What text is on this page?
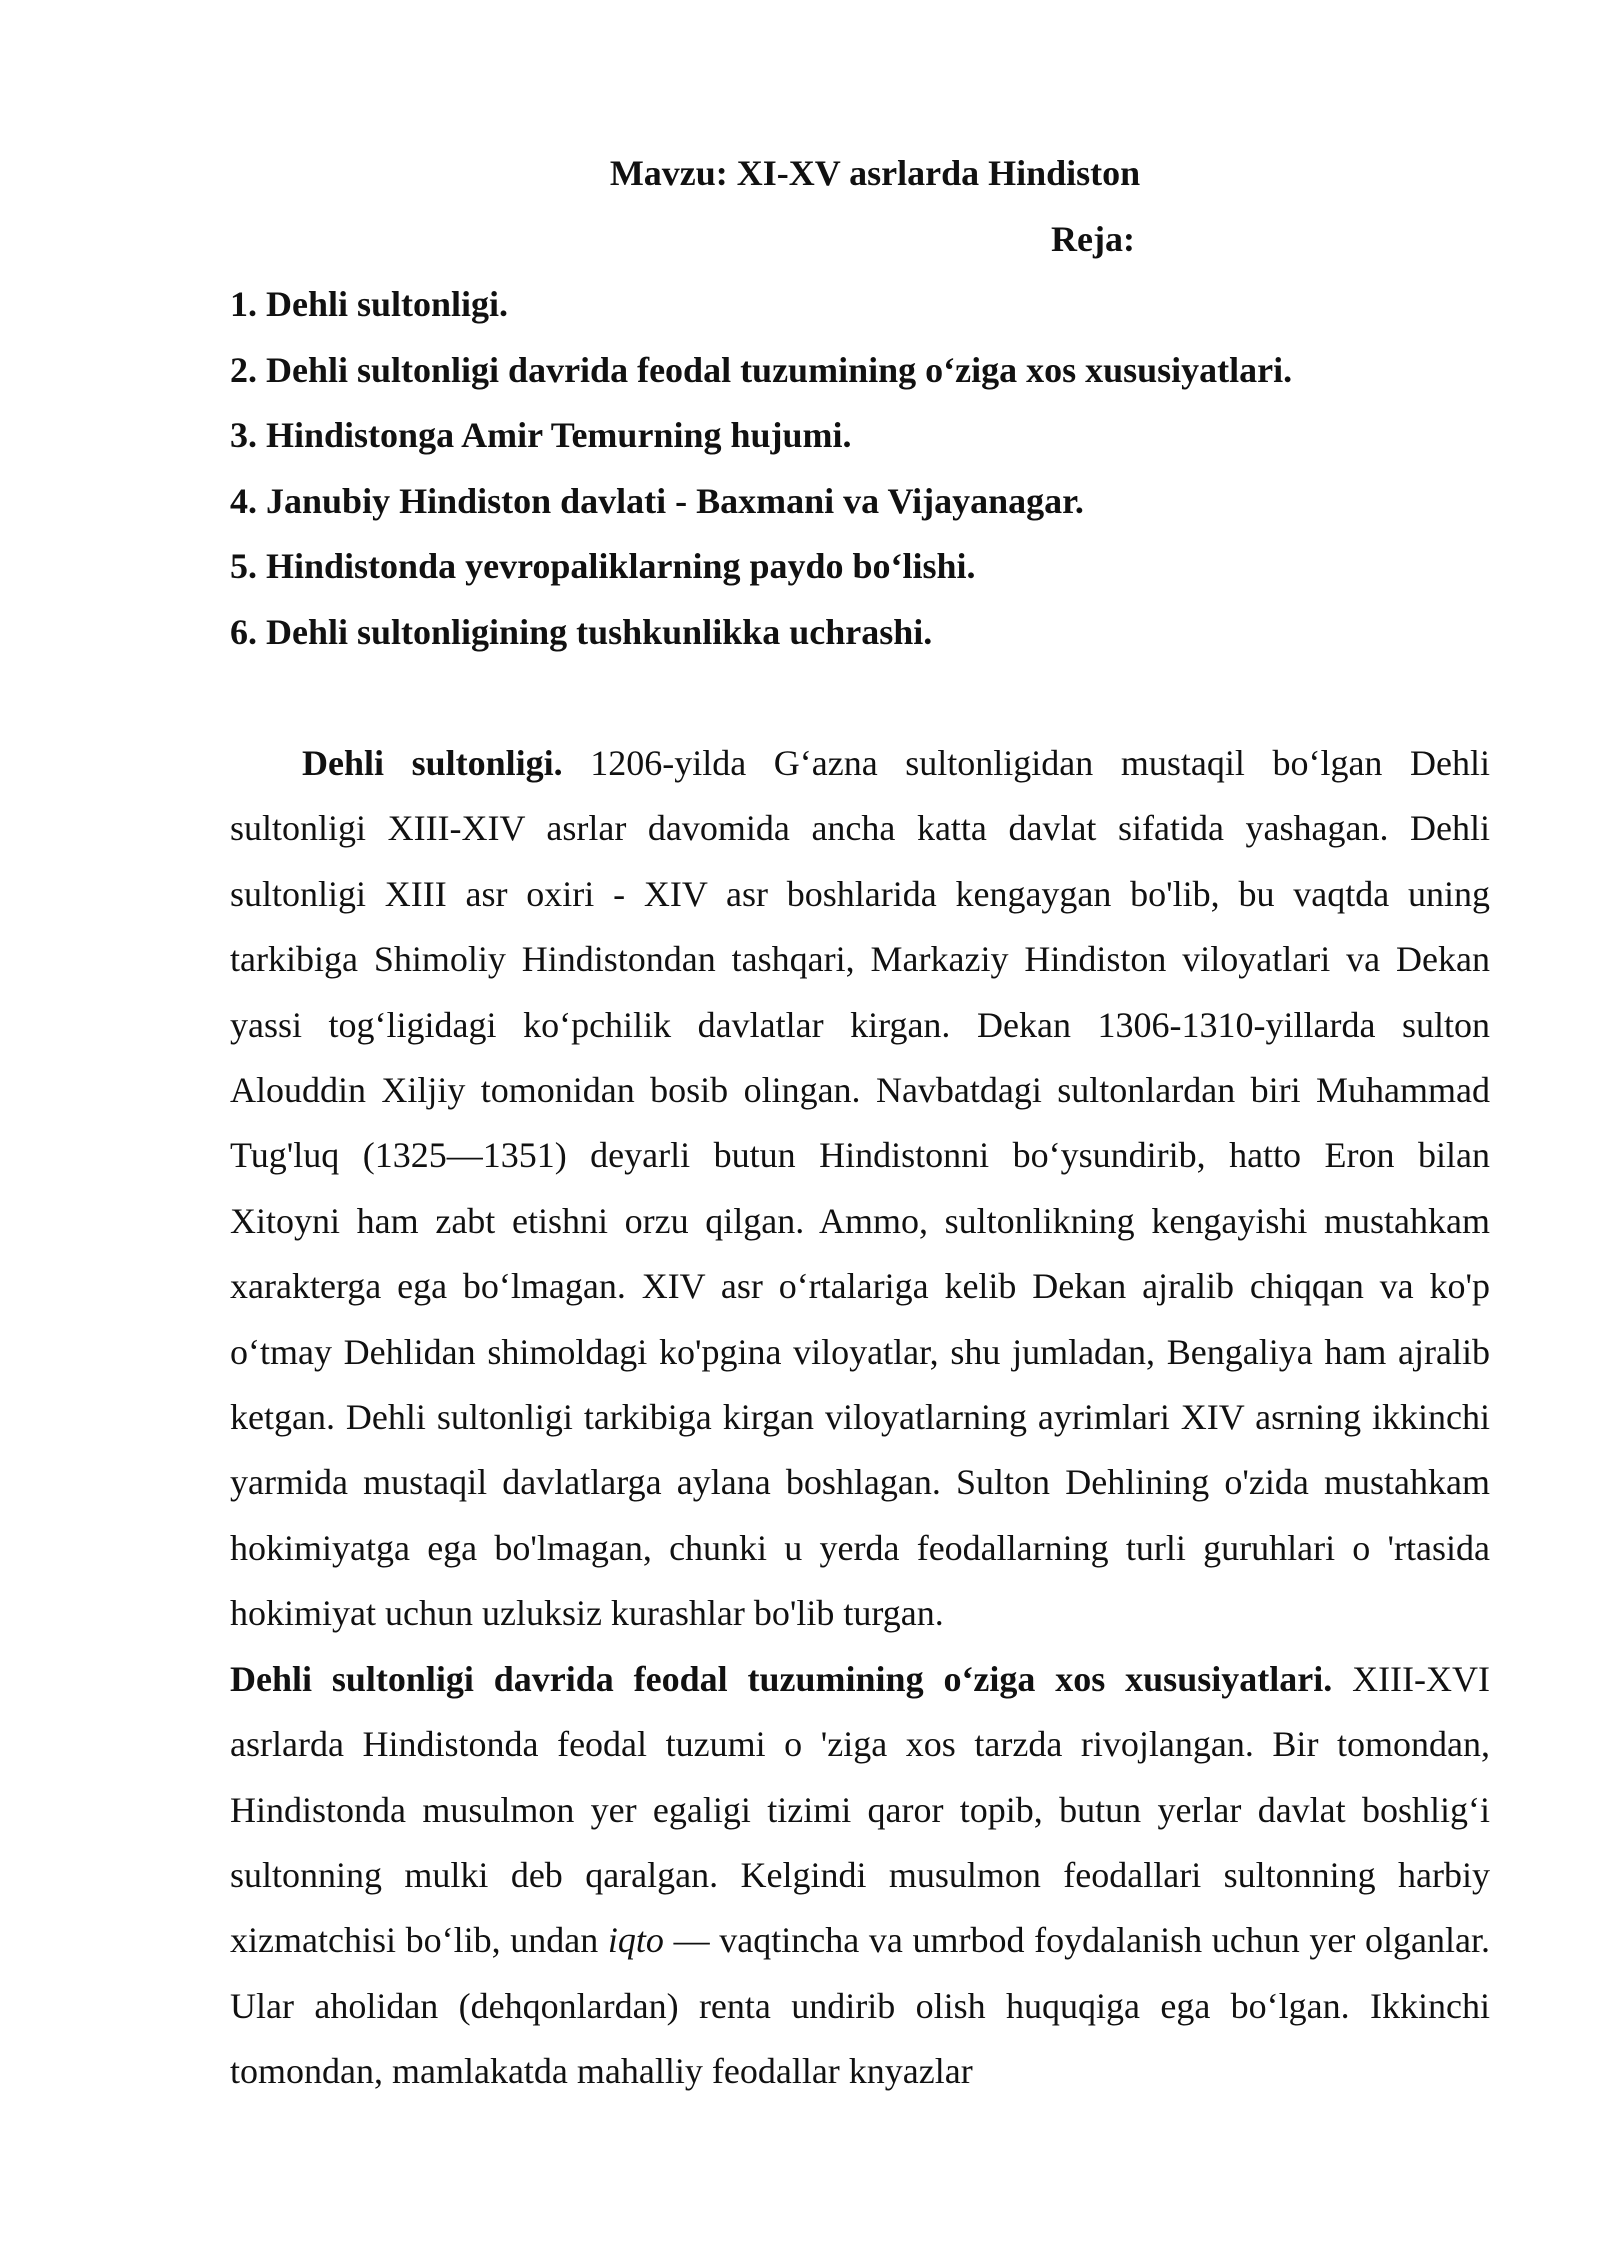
Mavzu: XI-XV asrlarda Hindiston
Reja:
1. Dehli sultonligi.
2. Dehli sultonligi davrida feodal tuzumining o‘ziga xos xususiyatlari.
3. Hindistonga Amir Temurning hujumi.
4. Janubiy Hindiston davlati - Baxmani va Vijayanagar.
5. Hindistonda yevropaliklarning paydo bo‘lishi.
6. Dehli sultonligining tushkunlikka uchrashi.

Dehli sultonligi. 1206-yilda G‘azna sultonligidan mustaqil bo‘lgan Dehli sultonligi XIII-XIV asrlar davomida ancha katta davlat sifatida yashagan. Dehli sultonligi XIII asr oxiri - XIV asr boshlarida kengaygan bo'lib, bu vaqtda uning tarkibiga Shimoliy Hindistondan tashqari, Markaziy Hindiston viloyatlari va Dekan yassi tog‘ligidagi ko‘pchilik davlatlar kirgan. Dekan 1306-1310-yillarda sulton Alouddin Xiljiy tomonidan bosib olingan. Navbatdagi sultonlardan biri Muhammad Tug'luq (1325—1351) deyarli butun Hindistonni bo‘ysundirib, hatto Eron bilan Xitoyni ham zabt etishni orzu qilgan. Ammo, sultonlikning kengayishi mustahkam xarakterga ega bo‘lmagan. XIV asr o‘rtalariga kelib Dekan ajralib chiqqan va ko'p o‘tmay Dehlidan shimoldagi ko'pgina viloyatlar, shu jumladan, Bengaliya ham ajralib ketgan. Dehli sultonligi tarkibiga kirgan viloyatlarning ayrimlari XIV asrning ikkinchi yarmida mustaqil davlatlarga aylana boshlagan. Sulton Dehlining o'zida mustahkam hokimiyatga ega bo'lmagan, chunki u yerda feodallarning turli guruhlari o 'rtasida hokimiyat uchun uzluksiz kurashlar bo'lib turgan.

Dehli sultonligi davrida feodal tuzumining o‘ziga xos xususiyatlari. XIII-XVI asrlarda Hindistonda feodal tuzumi o 'ziga xos tarzda rivojlangan. Bir tomondan, Hindistonda musulmon yer egaligi tizimi qaror topib, butun yerlar davlat boshlig‘i sultonning mulki deb qaralgan. Kelgindi musulmon feodallari sultonning harbiy xizmatchisi bo‘lib, undan iqto — vaqtincha va umrbod foydalanish uchun yer olganlar. Ular aholidan (dehqonlardan) renta undirib olish huquqiga ega bo‘lgan. Ikkinchi tomondan, mamlakatda mahalliy feodallar knyazlar
